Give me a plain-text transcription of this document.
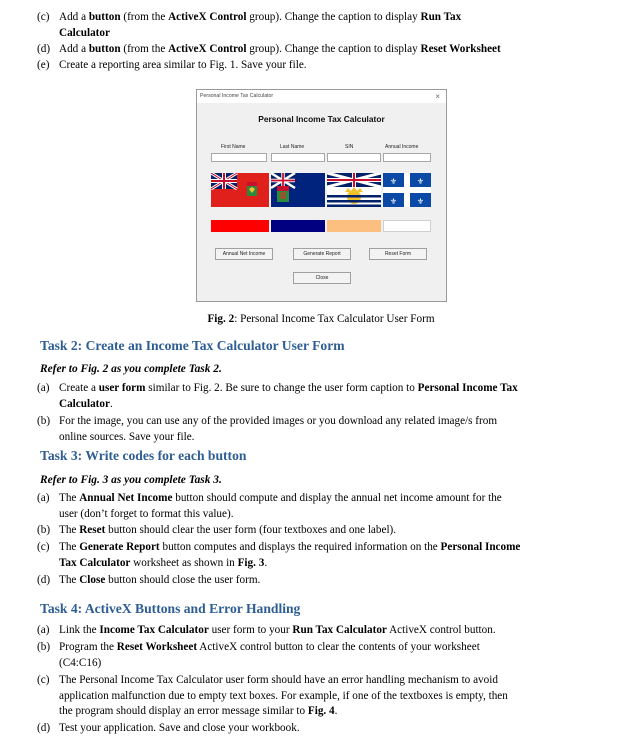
(c) Add a button (from the ActiveX Control group). Change the caption to display Run Tax
Calculator
(d) Add a button (from the ActiveX Control group). Change the caption to display Reset Worksheet
(e) Create a reporting area similar to Fig. 1. Save your file.
Personal Income Tax Calculator	×
Personal Income Tax Calculator
First Name	Last Name	SIN	Annual Income
⚜ ⚜
⚜ ⚜
Annual Net Income	Generate Report	Reset Form
Close
Fig. 2: Personal Income Tax Calculator User Form
Task 2: Create an Income Tax Calculator User Form
Refer to Fig. 2 as you complete Task 2.
(a) Create a user form similar to Fig. 2. Be sure to change the user form caption to Personal Income Tax
Calculator.
(b) For the image, you can use any of the provided images or you download any related image/s from
online sources. Save your file.
Task 3: Write codes for each button
Refer to Fig. 3 as you complete Task 3.
(a) The Annual Net Income button should compute and display the annual net income amount for the
user (don’t forget to format this value).
(b) The Reset button should clear the user form (four textboxes and one label).
(c) The Generate Report button computes and displays the required information on the Personal Income
Tax Calculator worksheet as shown in Fig. 3.
(d) The Close button should close the user form.
Task 4: ActiveX Buttons and Error Handling
(a) Link the Income Tax Calculator user form to your Run Tax Calculator ActiveX control button.
(b) Program the Reset Worksheet ActiveX control button to clear the contents of your worksheet
(C4:C16)
(c) The Personal Income Tax Calculator user form should have an error handling mechanism to avoid
application malfunction due to empty text boxes. For example, if one of the textboxes is empty, then
the program should display an error message similar to Fig. 4.
(d) Test your application. Save and close your workbook.
